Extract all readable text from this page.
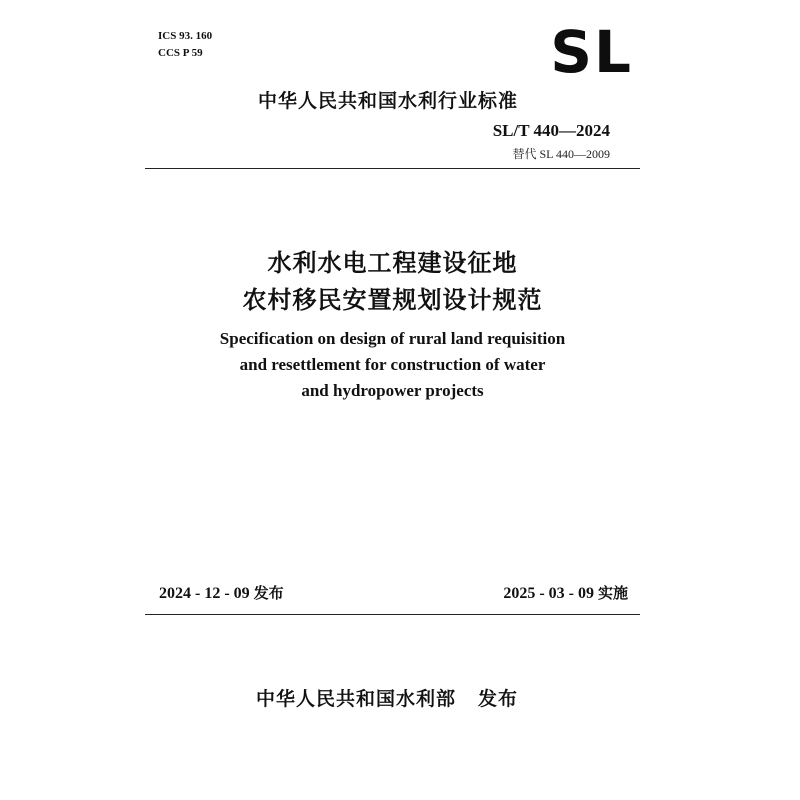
ICS 93. 160
CCS P 59	SL
中华人民共和国水利行业标准
SL/T 440—2024
替代 SL 440—2009
水利水电工程建设征地
农村移民安置规划设计规范
Specification on design of rural land requisition
and resettlement for construction of water
and hydropower projects
2024 - 12 - 09 发布	2025 - 03 - 09 实施
中华人民共和国水利部 发布
